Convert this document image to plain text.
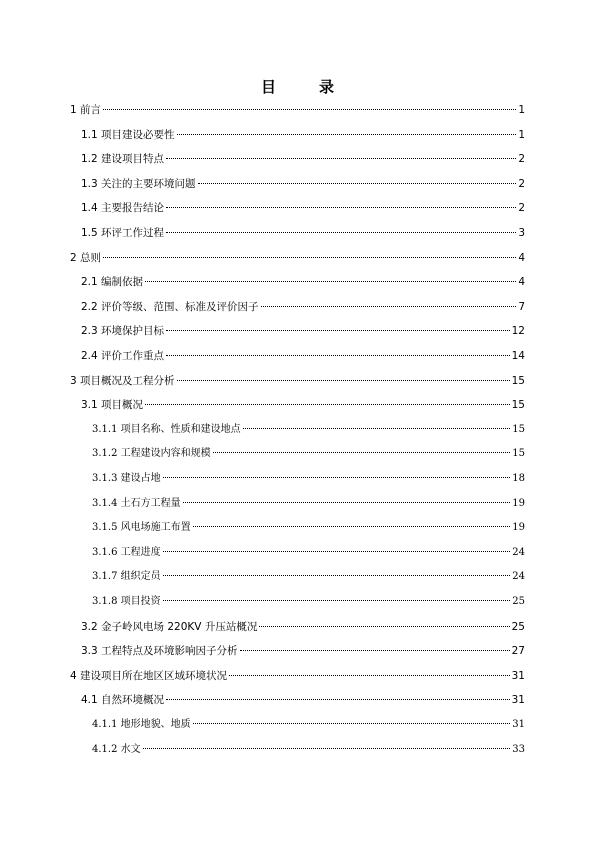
目　录
1 前言	1
1.1 项目建设必要性	1
1.2 建设项目特点	2
1.3 关注的主要环境问题	2
1.4 主要报告结论	2
1.5 环评工作过程	3
2 总则	4
2.1 编制依据	4
2.2 评价等级、范围、标准及评价因子	7
2.3 环境保护目标	12
2.4 评价工作重点	14
3 项目概况及工程分析	15
3.1 项目概况	15
3.1.1 项目名称、性质和建设地点	15
3.1.2 工程建设内容和规模	15
3.1.3 建设占地	18
3.1.4 土石方工程量	19
3.1.5 风电场施工布置	19
3.1.6 工程进度	24
3.1.7 组织定员	24
3.1.8 项目投资	25
3.2 金子岭风电场 220KV 升压站概况	25
3.3 工程特点及环境影响因子分析	27
4 建设项目所在地区区域环境状况	31
4.1 自然环境概况	31
4.1.1 地形地貌、地质	31
4.1.2 水文	33
